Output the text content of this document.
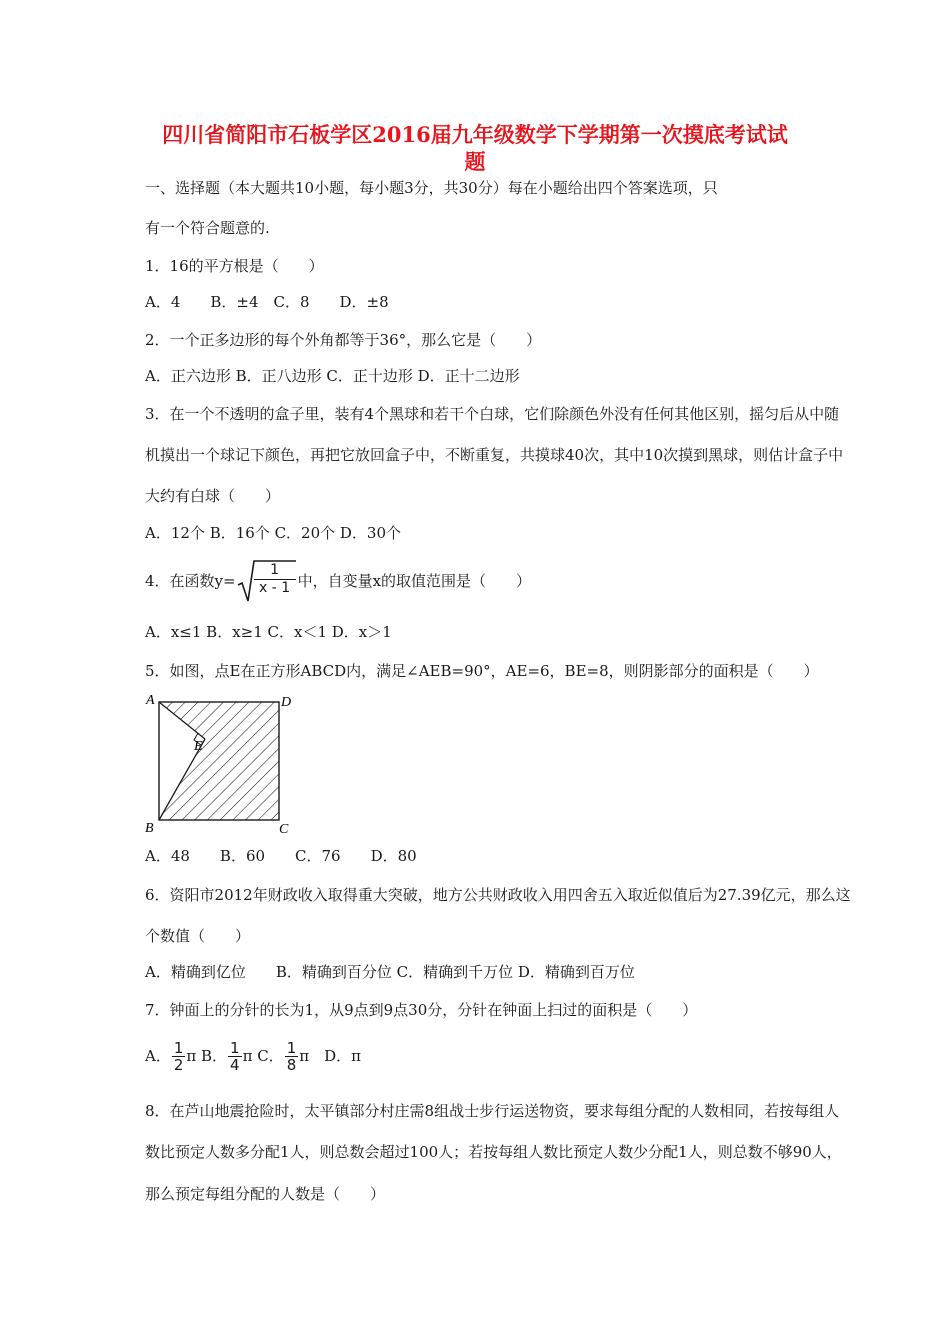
四川省简阳市石板学区2016届九年级数学下学期第一次摸底考试试
题
一、选择题（本大题共10小题，每小题3分，共30分）每在小题给出四个答案选项，只
有一个符合题意的.
1．16的平方根是（　　）
A．4　　B．±4　C．8　　D．±8
2．一个正多边形的每个外角都等于36°，那么它是（　　）
A．正六边形 B．正八边形 C．正十边形 D．正十二边形
3．在一个不透明的盒子里，装有4个黑球和若干个白球，它们除颜色外没有任何其他区别，摇匀后从中随
机摸出一个球记下颜色，再把它放回盒子中，不断重复，共摸球40次，其中10次摸到黑球，则估计盒子中
大约有白球（　　）
A．12个 B．16个 C．20个 D．30个
4．在函数y=
1
x - 1 中，自变量x的取值范围是（　　）
A．x≤1 B．x≥1 C．x＜1 D．x＞1
5．如图，点E在正方形ABCD内，满足∠AEB=90°，AE=6，BE=8，则阴影部分的面积是（　　）
A	D
E
B	C
A．48　　B．60　　C．76　　D．80
6．资阳市2012年财政收入取得重大突破，地方公共财政收入用四舍五入取近似值后为27.39亿元，那么这
个数值（　　）
A．精确到亿位　　B．精确到百分位 C．精确到千万位 D．精确到百万位
7．钟面上的分针的长为1，从9点到9点30分，分针在钟面上扫过的面积是（　　）
A． $\frac{1}{2}$ π B． $\frac{1}{4}$ π C． $\frac{1}{8}$ π　D．π
8．在芦山地震抢险时，太平镇部分村庄需8组战士步行运送物资，要求每组分配的人数相同，若按每组人
数比预定人数多分配1人，则总数会超过100人；若按每组人数比预定人数少分配1人，则总数不够90人，
那么预定每组分配的人数是（　　）
